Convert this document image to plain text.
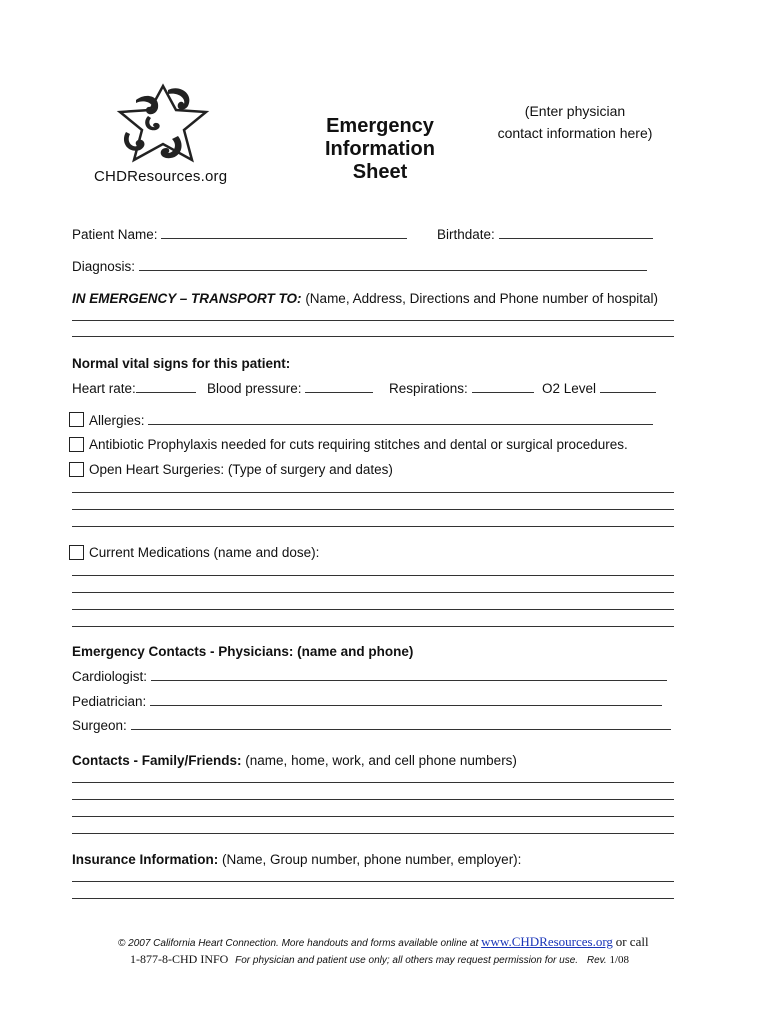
CHDResources.org
Emergency
Information
Sheet
(Enter physician
contact information here)
Patient Name:	Birthdate:
Diagnosis:
IN EMERGENCY – TRANSPORT TO: (Name, Address, Directions and Phone number of hospital)
Normal vital signs for this patient:
Heart rate:	Blood pressure:	Respirations:	O2 Level
Allergies:
Antibiotic Prophylaxis needed for cuts requiring stitches and dental or surgical procedures.
Open Heart Surgeries: (Type of surgery and dates)
Current Medications (name and dose):
Emergency Contacts - Physicians: (name and phone)
Cardiologist:
Pediatrician:
Surgeon:
Contacts - Family/Friends: (name, home, work, and cell phone numbers)
Insurance Information: (Name, Group number, phone number, employer):
© 2007 California Heart Connection. More handouts and forms available online at www.CHDResources.org or call
1-877-8-CHD INFO For physician and patient use only; all others may request permission for use. Rev. 1/08
